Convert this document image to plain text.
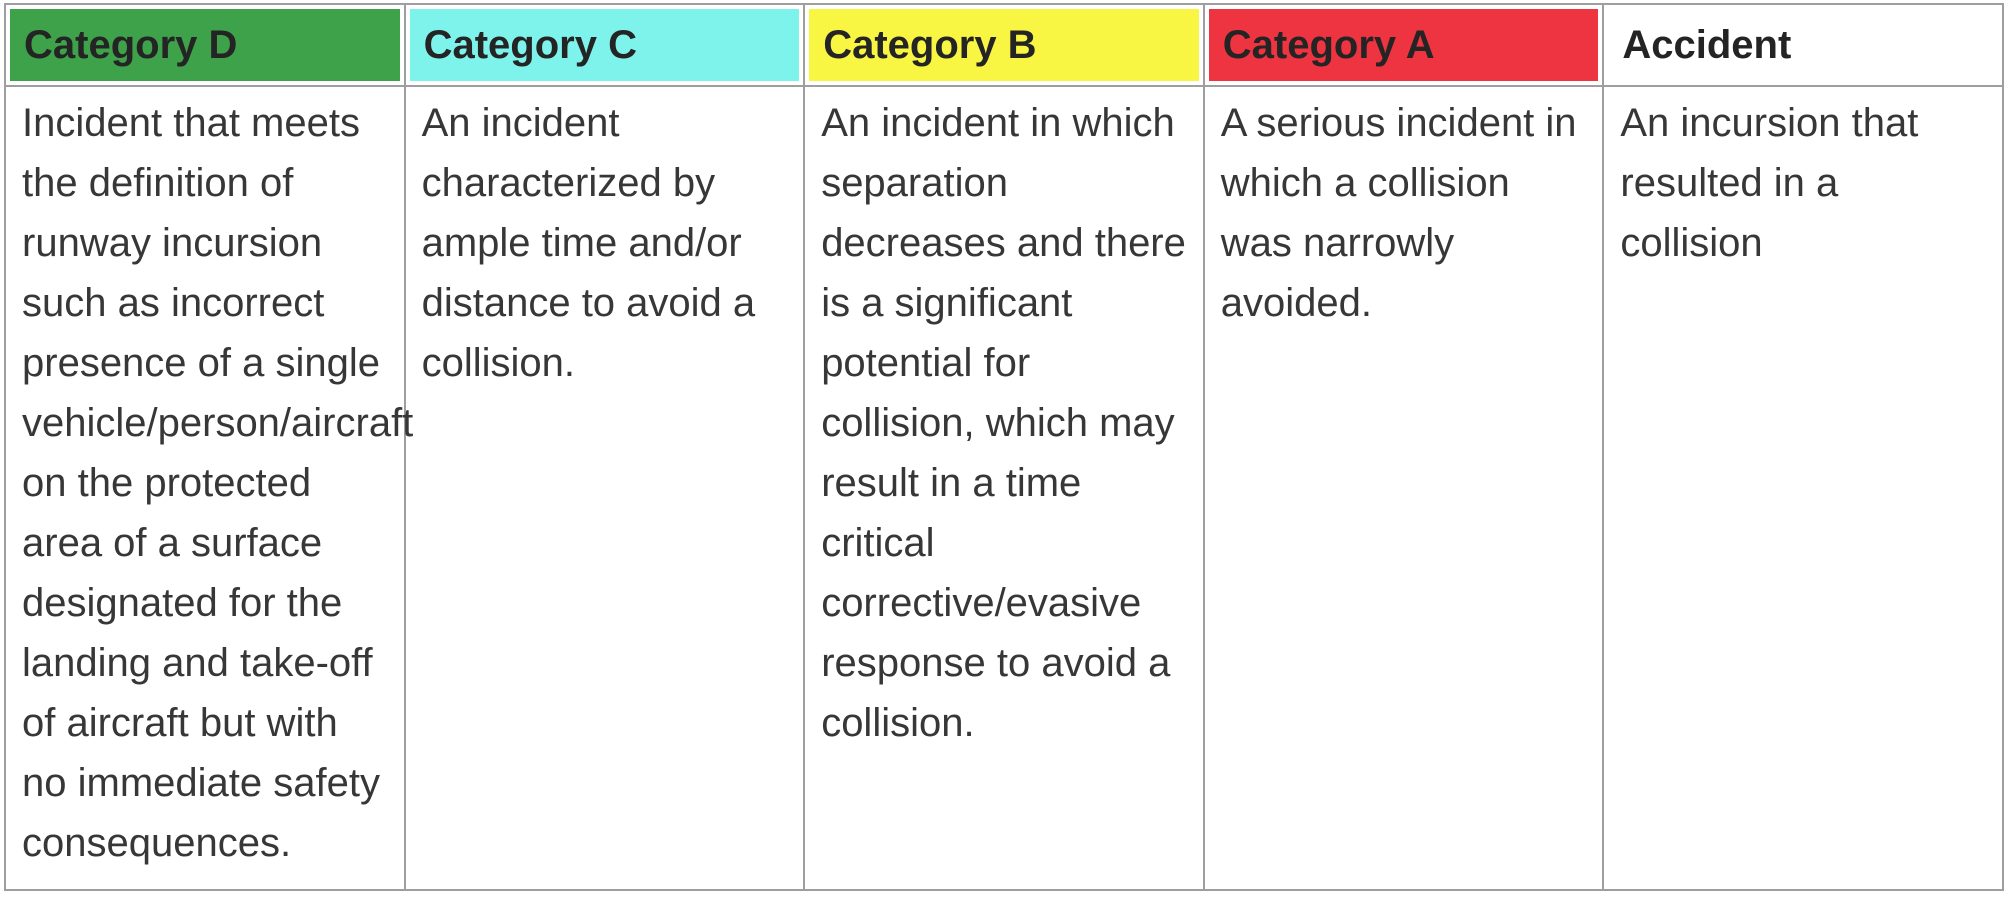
Category D	Category C	Category B	Category A	Accident

Incident that meets the definition of runway incursion such as incorrect presence of a single vehicle/⁠person/⁠aircraft on the protected area of a surface designated for the landing and take-off of aircraft but with no immediate safety consequences.	An incident characterized by ample time and/or distance to avoid a collision.	An incident in which separation decreases and there is a significant potential for collision, which may result in a time critical corrective/evasive response to avoid a collision.	A serious incident in which a collision was narrowly avoided.	An incursion that resulted in a collision
